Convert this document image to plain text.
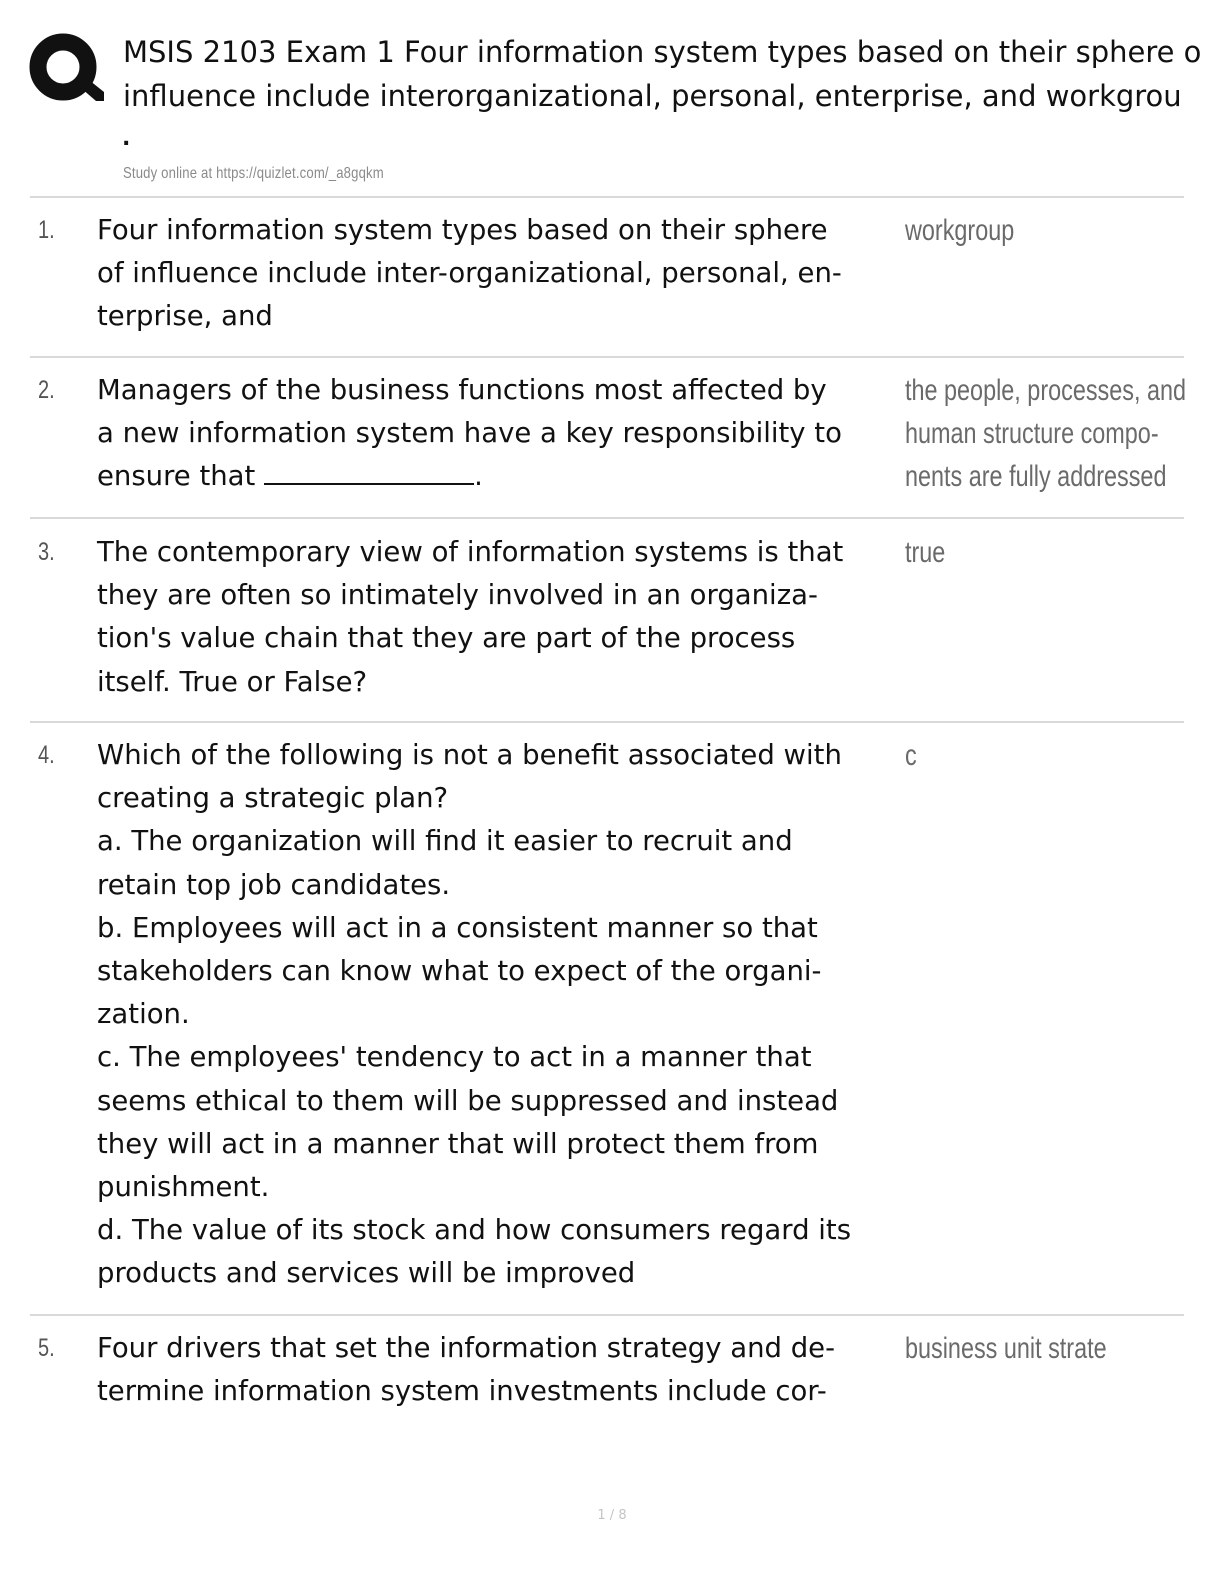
MSIS 2103 Exam 1 Four information system types based on their sphere o
influence include interorganizational, personal, enterprise, and workgrou
.
Study online at https://quizlet.com/_a8gqkm
1. Four information system types based on their sphere
of influence include inter-organizational, personal, en-
terprise, and
workgroup
2. Managers of the business functions most affected by
a new information system have a key responsibility to
ensure that	.
the people, processes, and
human structure compo-
nents are fully addressed
3. The contemporary view of information systems is that
they are often so intimately involved in an organiza-
tion's value chain that they are part of the process
itself. True or False?
true
4. Which of the following is not a benefit associated with
creating a strategic plan?
a. The organization will find it easier to recruit and
retain top job candidates.
b. Employees will act in a consistent manner so that
stakeholders can know what to expect of the organi-
zation.
c. The employees' tendency to act in a manner that
seems ethical to them will be suppressed and instead
they will act in a manner that will protect them from
punishment.
d. The value of its stock and how consumers regard its
products and services will be improved
c
5. Four drivers that set the information strategy and de-
termine information system investments include cor-
business unit strate
1 / 8
